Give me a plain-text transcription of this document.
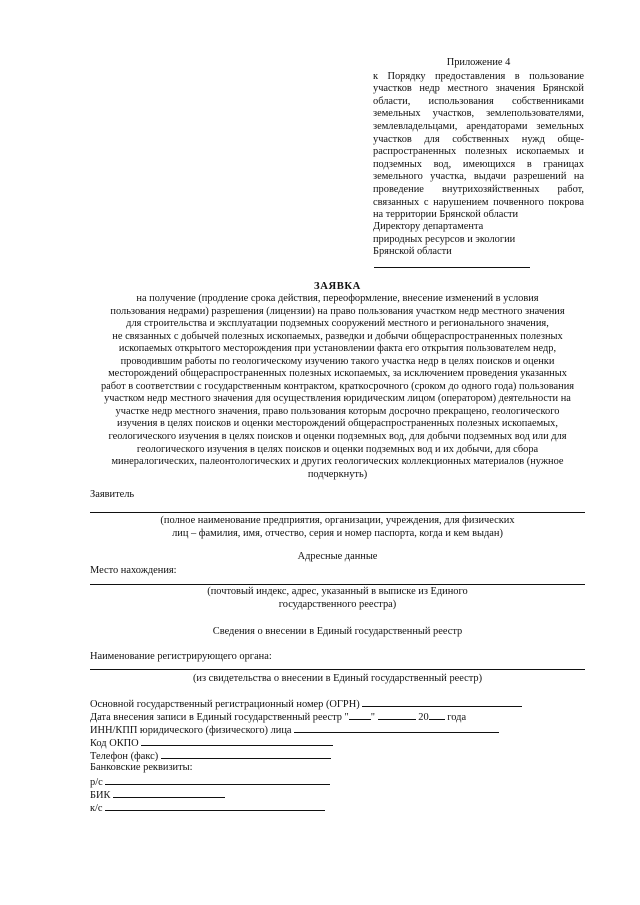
Приложение 4
к Порядку предоставления в пользование
участков недр местного значения Брянской
области, использования собственниками
земельных участков, землепользователями,
землевладельцами, арендаторами земельных
участков для собственных нужд обще-
распространенных полезных ископаемых и
подземных вод, имеющихся в границах
земельного участка, выдачи разрешений на
проведение внутрихозяйственных работ,
связанных с нарушением почвенного покрова
на территории Брянской области
Директору департамента
природных ресурсов и экологии
Брянской области
ЗАЯВКА
на получение (продление срока действия, переоформление, внесение изменений в условия
пользования недрами) разрешения (лицензии) на право пользования участком недр местного значения
для строительства и эксплуатации подземных сооружений местного и регионального значения,
не связанных с добычей полезных ископаемых, разведки и добычи общераспространенных полезных
ископаемых открытого месторождения при установлении факта его открытия пользователем недр,
проводившим работы по геологическому изучению такого участка недр в целях поисков и оценки
месторождений общераспространенных полезных ископаемых, за исключением проведения указанных
работ в соответствии с государственным контрактом, краткосрочного (сроком до одного года) пользования
участком недр местного значения для осуществления юридическим лицом (оператором) деятельности на
участке недр местного значения, право пользования которым досрочно прекращено, геологического
изучения в целях поисков и оценки месторождений общераспространенных полезных ископаемых,
геологического изучения в целях поисков и оценки подземных вод, для добычи подземных вод или для
геологического изучения в целях поисков и оценки подземных вод и их добычи, для сбора
минералогических, палеонтологических и других геологических коллекционных материалов (нужное
подчеркнуть)
Заявитель
(полное наименование предприятия, организации, учреждения, для физических
лиц – фамилия, имя, отчество, серия и номер паспорта, когда и кем выдан)
Адресные данные
Место нахождения:
(почтовый индекс, адрес, указанный в выписке из Единого
государственного реестра)
Сведения о внесении в Единый государственный реестр
Наименование регистрирующего органа:
(из свидетельства о внесении в Единый государственный реестр)
Основной государственный регистрационный номер (ОГРН)
Дата внесения записи в Единый государственный реестр " "	20 года
ИНН/КПП юридического (физического) лица
Код ОКПО
Телефон (факс)
Банковские реквизиты:
р/с
БИК
к/с
